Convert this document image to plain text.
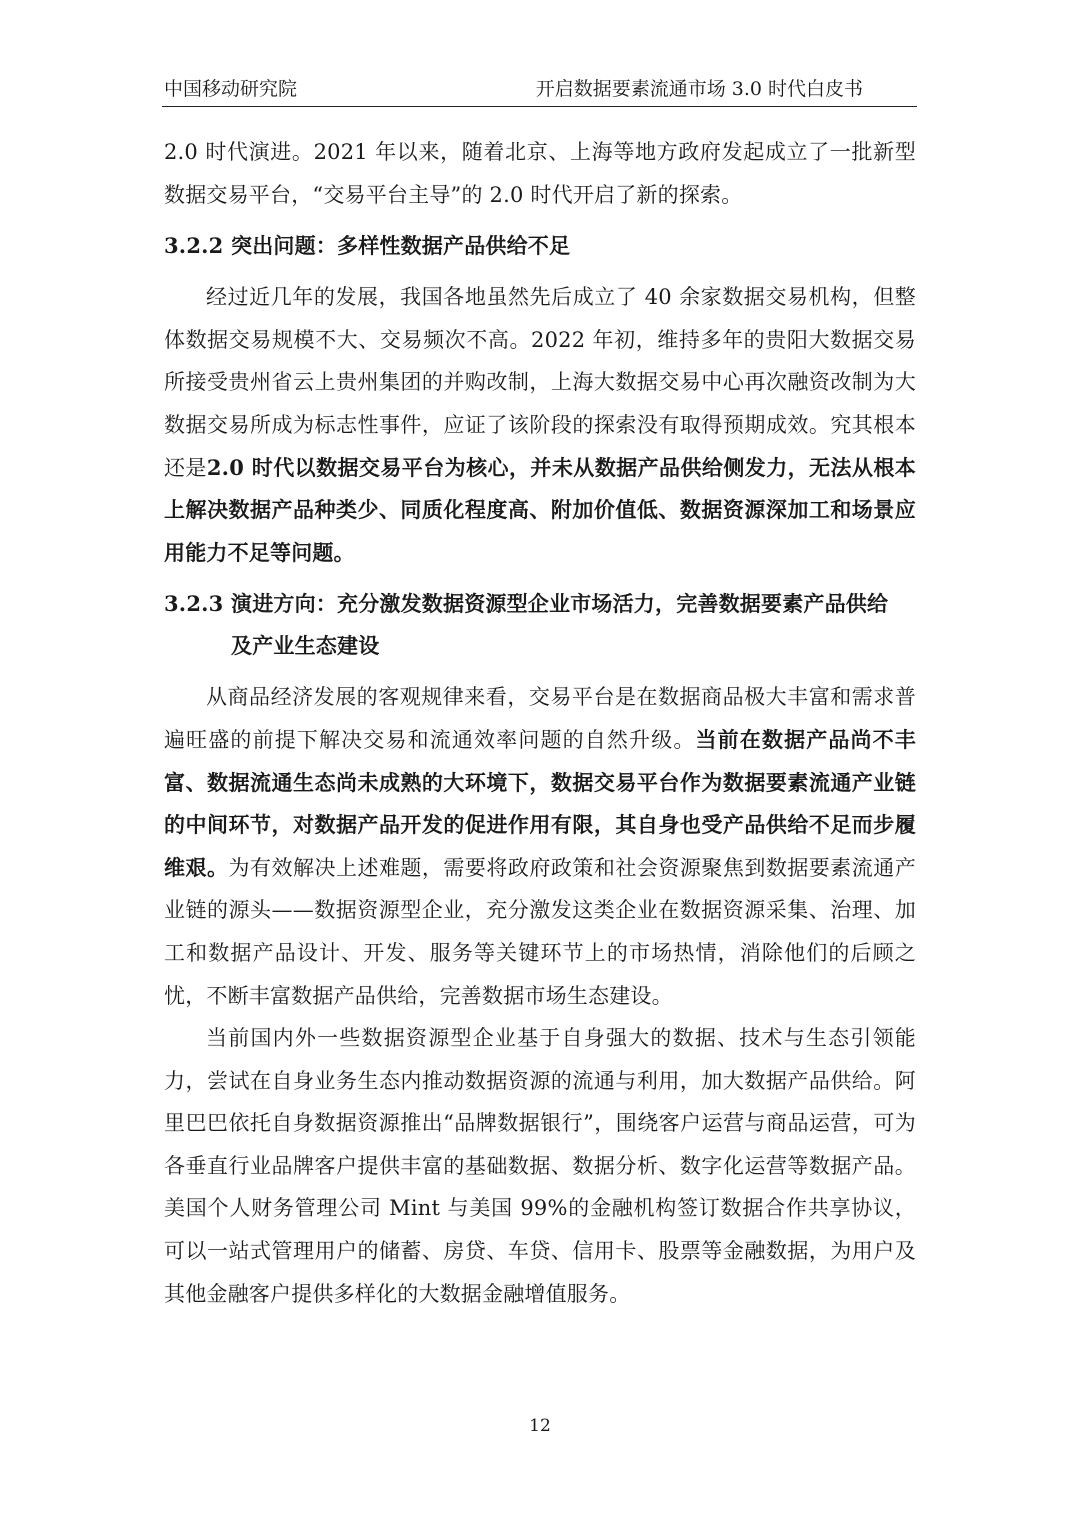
中国移动研究院	开启数据要素流通市场 3.0 时代白皮书

2.0 时代演进。2021 年以来，随着北京、上海等地方政府发起成立了一批新型数据交易平台，“交易平台主导”的 2.0 时代开启了新的探索。

3.2.2 突出问题：多样性数据产品供给不足

经过近几年的发展，我国各地虽然先后成立了 40 余家数据交易机构，但整体数据交易规模不大、交易频次不高。2022 年初，维持多年的贵阳大数据交易所接受贵州省云上贵州集团的并购改制，上海大数据交易中心再次融资改制为大数据交易所成为标志性事件，应证了该阶段的探索没有取得预期成效。究其根本还是2.0 时代以数据交易平台为核心，并未从数据产品供给侧发力，无法从根本上解决数据产品种类少、同质化程度高、附加价值低、数据资源深加工和场景应用能力不足等问题。

3.2.3 演进方向：充分激发数据资源型企业市场活力，完善数据要素产品供给
及产业生态建设

从商品经济发展的客观规律来看，交易平台是在数据商品极大丰富和需求普遍旺盛的前提下解决交易和流通效率问题的自然升级。当前在数据产品尚不丰富、数据流通生态尚未成熟的大环境下，数据交易平台作为数据要素流通产业链的中间环节，对数据产品开发的促进作用有限，其自身也受产品供给不足而步履维艰。为有效解决上述难题，需要将政府政策和社会资源聚焦到数据要素流通产业链的源头——数据资源型企业，充分激发这类企业在数据资源采集、治理、加工和数据产品设计、开发、服务等关键环节上的市场热情，消除他们的后顾之忧，不断丰富数据产品供给，完善数据市场生态建设。

当前国内外一些数据资源型企业基于自身强大的数据、技术与生态引领能力，尝试在自身业务生态内推动数据资源的流通与利用，加大数据产品供给。阿里巴巴依托自身数据资源推出“品牌数据银行”，围绕客户运营与商品运营，可为各垂直行业品牌客户提供丰富的基础数据、数据分析、数字化运营等数据产品。美国个人财务管理公司 Mint 与美国 99%的金融机构签订数据合作共享协议，可以一站式管理用户的储蓄、房贷、车贷、信用卡、股票等金融数据，为用户及其他金融客户提供多样化的大数据金融增值服务。

12
